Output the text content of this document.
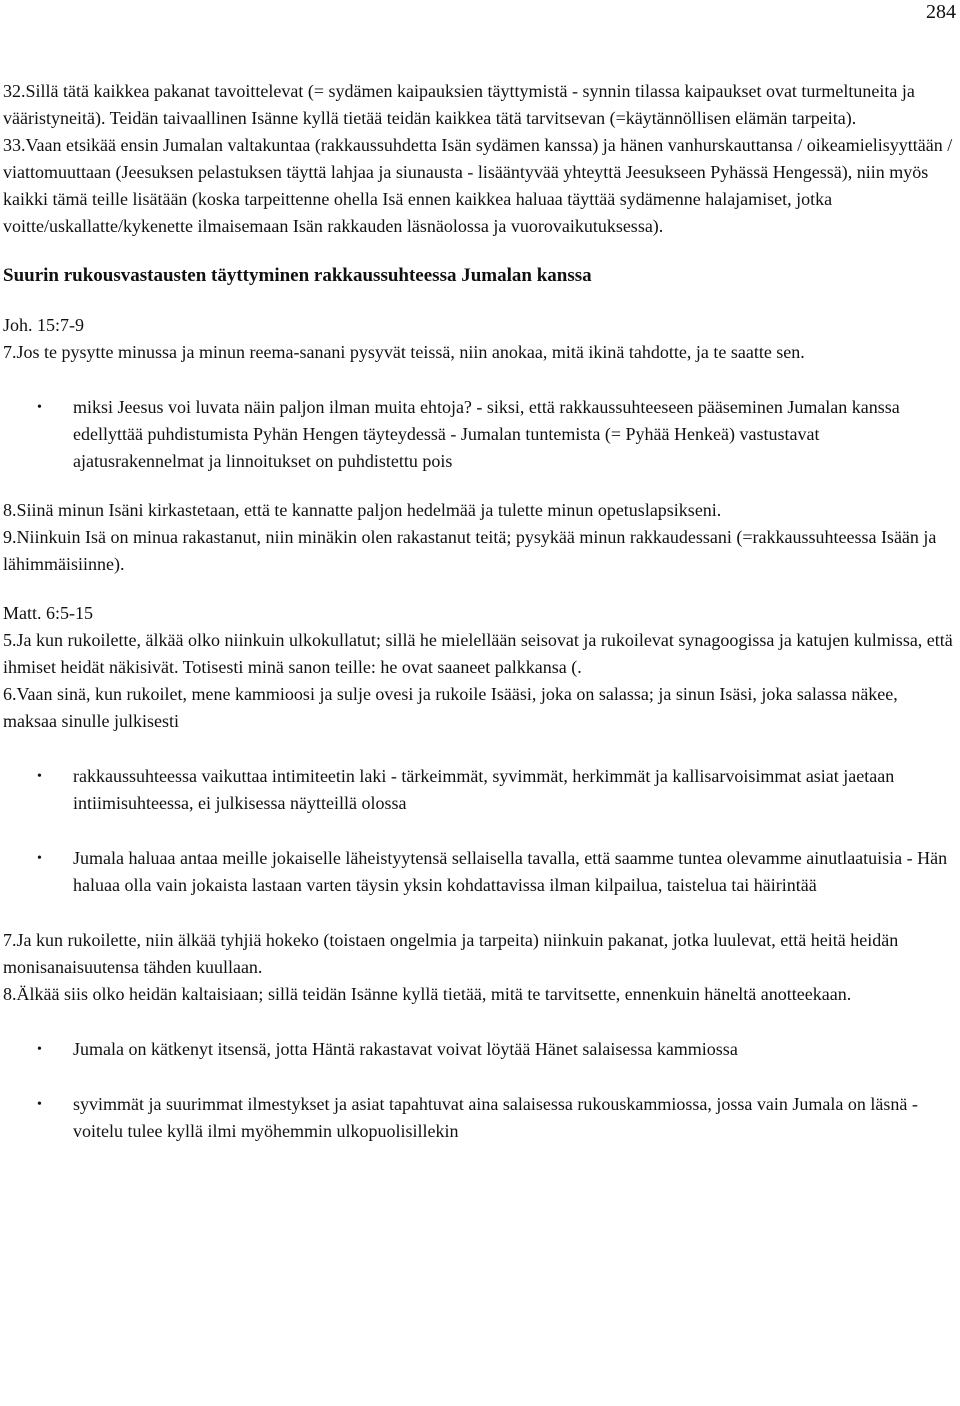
284

32.Sillä tätä kaikkea pakanat tavoittelevat (= sydämen kaipauksien täyttymistä - synnin tilassa kaipaukset ovat turmeltuneita ja vääristyneitä). Teidän taivaallinen Isänne kyllä tietää teidän kaikkea tätä tarvitsevan (=käytännöllisen elämän tarpeita).

33.Vaan etsikää ensin Jumalan valtakuntaa (rakkaussuhdetta Isän sydämen kanssa) ja hänen vanhurskauttansa / oikeamielisyyttään / viattomuuttaan (Jeesuksen pelastuksen täyttä lahjaa ja siunausta - lisääntyvää yhteyttä Jeesukseen Pyhässä Hengessä), niin myös kaikki tämä teille lisätään (koska tarpeittenne ohella Isä ennen kaikkea haluaa täyttää sydämenne halajamiset, jotka voitte/uskallatte/kykenette ilmaisemaan Isän rakkauden läsnäolossa ja vuorovaikutuksessa).

Suurin rukousvastausten täyttyminen rakkaussuhteessa Jumalan kanssa

Joh. 15:7-9

7.Jos te pysytte minussa ja minun reema-sanani pysyvät teissä, niin anokaa, mitä ikinä tahdotte, ja te saatte sen.

• miksi Jeesus voi luvata näin paljon ilman muita ehtoja? - siksi, että rakkaussuhteeseen pääseminen Jumalan kanssa edellyttää puhdistumista Pyhän Hengen täyteydessä - Jumalan tuntemista (= Pyhää Henkeä) vastustavat ajatusrakennelmat ja linnoitukset on puhdistettu pois

8.Siinä minun Isäni kirkastetaan, että te kannatte paljon hedelmää ja tulette minun opetuslapsikseni.

9.Niinkuin Isä on minua rakastanut, niin minäkin olen rakastanut teitä; pysykää minun rakkaudessani (=rakkaussuhteessa Isään ja lähimmäisiinne).

Matt. 6:5-15

5.Ja kun rukoilette, älkää olko niinkuin ulkokullatut; sillä he mielellään seisovat ja rukoilevat synagoogissa ja katujen kulmissa, että ihmiset heidät näkisivät. Totisesti minä sanon teille: he ovat saaneet palkkansa (.

6.Vaan sinä, kun rukoilet, mene kammioosi ja sulje ovesi ja rukoile Isääsi, joka on salassa; ja sinun Isäsi, joka salassa näkee, maksaa sinulle julkisesti

• rakkaussuhteessa vaikuttaa intimiteetin laki - tärkeimmät, syvimmät, herkimmät ja kallisarvoisimmat asiat jaetaan intiimisuhteessa, ei julkisessa näytteillä olossa
• Jumala haluaa antaa meille jokaiselle läheistyytensä sellaisella tavalla, että saamme tuntea olevamme ainutlaatuisia - Hän haluaa olla vain jokaista lastaan varten täysin yksin kohdattavissa ilman kilpailua, taistelua tai häirintää

7.Ja kun rukoilette, niin älkää tyhjiä hokeko (toistaen ongelmia ja tarpeita) niinkuin pakanat, jotka luulevat, että heitä heidän monisanaisuutensa tähden kuullaan.

8.Älkää siis olko heidän kaltaisiaan; sillä teidän Isänne kyllä tietää, mitä te tarvitsette, ennenkuin häneltä anotteekaan.

• Jumala on kätkenyt itsensä, jotta Häntä rakastavat voivat löytää Hänet salaisessa kammiossa
• syvimmät ja suurimmat ilmestykset ja asiat tapahtuvat aina salaisessa rukouskammiossa, jossa vain Jumala on läsnä - voitelu tulee kyllä ilmi myöhemmin ulkopuolisillekin
